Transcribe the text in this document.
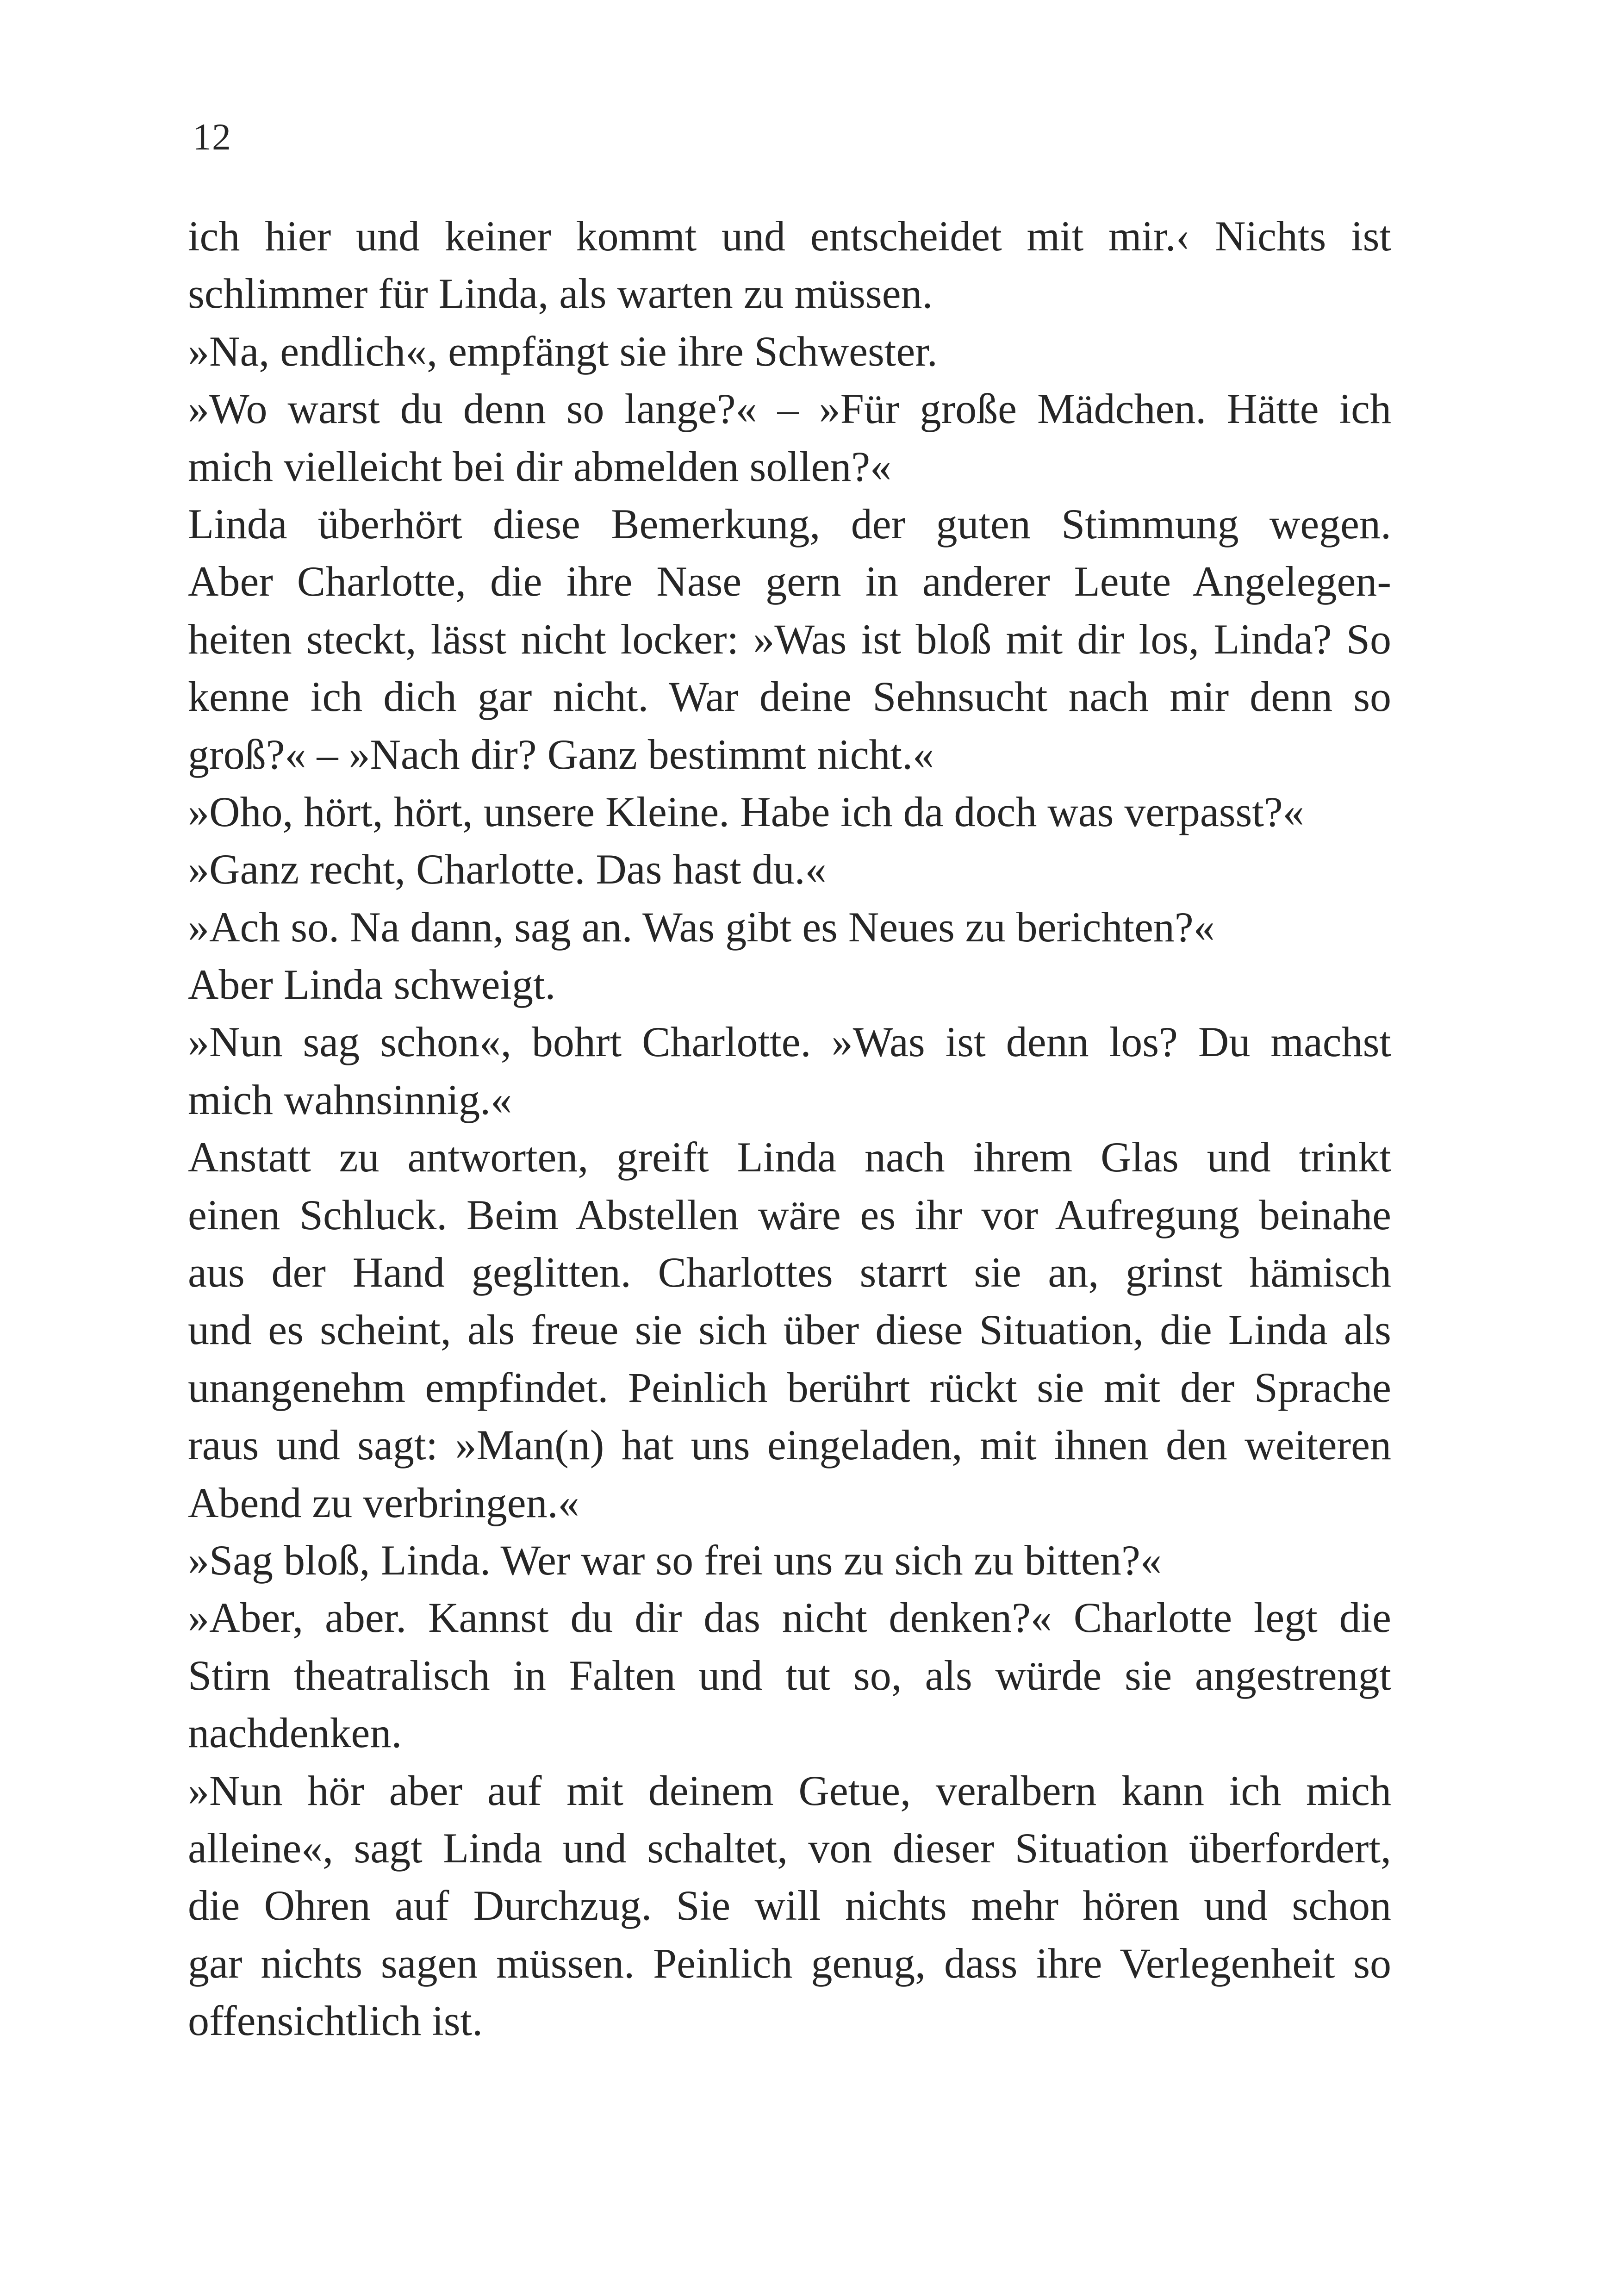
12
ich hier und keiner kommt und entscheidet mit mir.‹ Nichts ist
schlimmer für Linda, als warten zu müssen.
»Na, endlich«, empfängt sie ihre Schwester.
»Wo warst du denn so lange?« – »Für große Mädchen. Hätte ich
mich vielleicht bei dir abmelden sollen?«
Linda überhört diese Bemerkung, der guten Stimmung wegen.
Aber Charlotte, die ihre Nase gern in anderer Leute Angelegen-
heiten steckt, lässt nicht locker: »Was ist bloß mit dir los, Linda? So
kenne ich dich gar nicht. War deine Sehnsucht nach mir denn so
groß?« – »Nach dir? Ganz bestimmt nicht.«
»Oho, hört, hört, unsere Kleine. Habe ich da doch was verpasst?«
»Ganz recht, Charlotte. Das hast du.«
»Ach so. Na dann, sag an. Was gibt es Neues zu berichten?«
Aber Linda schweigt.
»Nun sag schon«, bohrt Charlotte. »Was ist denn los? Du machst
mich wahnsinnig.«
Anstatt zu antworten, greift Linda nach ihrem Glas und trinkt
einen Schluck. Beim Abstellen wäre es ihr vor Aufregung beinahe
aus der Hand geglitten. Charlottes starrt sie an, grinst hämisch
und es scheint, als freue sie sich über diese Situation, die Linda als
unangenehm empfindet. Peinlich berührt rückt sie mit der Sprache
raus und sagt: »Man(n) hat uns eingeladen, mit ihnen den weiteren
Abend zu verbringen.«
»Sag bloß, Linda. Wer war so frei uns zu sich zu bitten?«
»Aber, aber. Kannst du dir das nicht denken?« Charlotte legt die
Stirn theatralisch in Falten und tut so, als würde sie angestrengt
nachdenken.
»Nun hör aber auf mit deinem Getue, veralbern kann ich mich
alleine«, sagt Linda und schaltet, von dieser Situation überfordert,
die Ohren auf Durchzug. Sie will nichts mehr hören und schon
gar nichts sagen müssen. Peinlich genug, dass ihre Verlegenheit so
offensichtlich ist.
